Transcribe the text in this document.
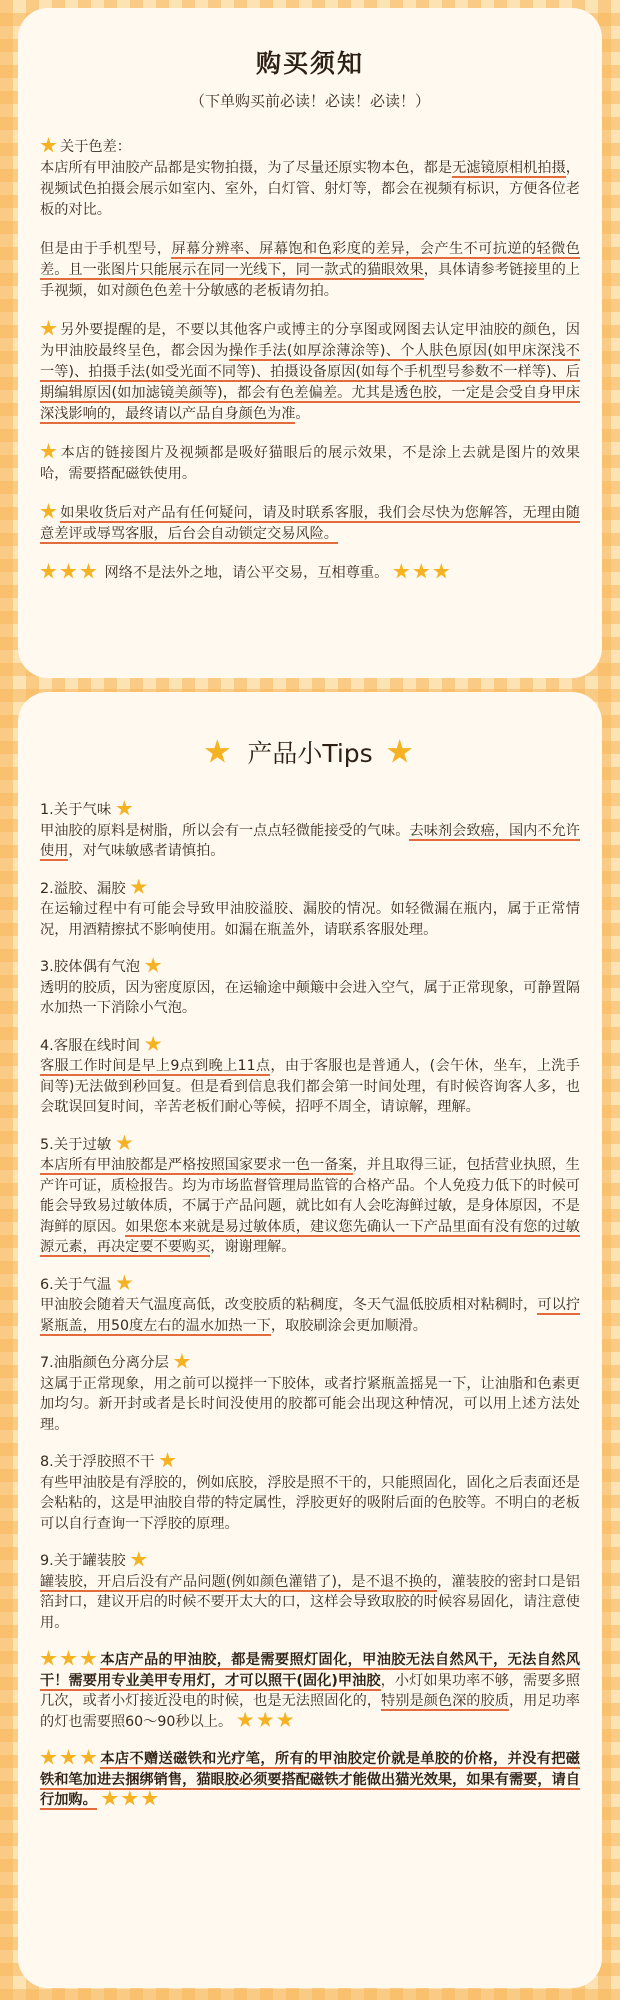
购买须知
（下单购买前必读！必读！必读！）

关于色差：
本店所有甲油胶产品都是实物拍摄，为了尽量还原实物本色，都是无滤镜原相机拍摄，视频试色拍摄会展示如室内、室外，白灯管、射灯等，都会在视频有标识，方便各位老板的对比。

但是由于手机型号，屏幕分辨率、屏幕饱和色彩度的差异，会产生不可抗逆的轻微色差。且一张图片只能展示在同一光线下，同一款式的猫眼效果，具体请参考链接里的上手视频，如对颜色色差十分敏感的老板请勿拍。

另外要提醒的是，不要以其他客户或博主的分享图或网图去认定甲油胶的颜色，因为甲油胶最终呈色，都会因为操作手法(如厚涂薄涂等)、个人肤色原因(如甲床深浅不一等)、拍摄手法(如受光面不同等)、拍摄设备原因(如每个手机型号参数不一样等)、后期编辑原因(如加滤镜美颜等)，都会有色差偏差。尤其是透色胶，一定是会受自身甲床深浅影响的，最终请以产品自身颜色为准。

本店的链接图片及视频都是吸好猫眼后的展示效果，不是涂上去就是图片的效果哈，需要搭配磁铁使用。

如果收货后对产品有任何疑问，请及时联系客服，我们会尽快为您解答，无理由随意差评或辱骂客服，后台会自动锁定交易风险。

网络不是法外之地，请公平交易，互相尊重。

产品小Tips
1.关于气味

甲油胶的原料是树脂，所以会有一点点轻微能接受的气味。去味剂会致癌，国内不允许使用，对气味敏感者请慎拍。

2.溢胶、漏胶

在运输过程中有可能会导致甲油胶溢胶、漏胶的情况。如轻微漏在瓶内，属于正常情况，用酒精擦拭不影响使用。如漏在瓶盖外，请联系客服处理。

3.胶体偶有气泡

透明的胶质，因为密度原因，在运输途中颠簸中会进入空气，属于正常现象，可静置隔水加热一下消除小气泡。

4.客服在线时间

客服工作时间是早上9点到晚上11点，由于客服也是普通人，(会午休，坐车，上洗手间等)无法做到秒回复。但是看到信息我们都会第一时间处理，有时候咨询客人多，也会耽误回复时间，辛苦老板们耐心等候，招呼不周全，请谅解，理解。

5.关于过敏

本店所有甲油胶都是严格按照国家要求一色一备案，并且取得三证，包括营业执照，生产许可证，质检报告。均为市场监督管理局监管的合格产品。个人免疫力低下的时候可能会导致易过敏体质，不属于产品问题，就比如有人会吃海鲜过敏，是身体原因，不是海鲜的原因。如果您本来就是易过敏体质，建议您先确认一下产品里面有没有您的过敏源元素，再决定要不要购买，谢谢理解。

6.关于气温

甲油胶会随着天气温度高低，改变胶质的粘稠度，冬天气温低胶质相对粘稠时，可以拧紧瓶盖，用50度左右的温水加热一下，取胶刷涂会更加顺滑。

7.油脂颜色分离分层

这属于正常现象，用之前可以搅拌一下胶体，或者拧紧瓶盖摇晃一下，让油脂和色素更加均匀。新开封或者是长时间没使用的胶都可能会出现这种情况，可以用上述方法处理。

8.关于浮胶照不干

有些甲油胶是有浮胶的，例如底胶，浮胶是照不干的，只能照固化，固化之后表面还是会粘粘的，这是甲油胶自带的特定属性，浮胶更好的吸附后面的色胶等。不明白的老板可以自行查询一下浮胶的原理。

9.关于罐装胶

罐装胶，开启后没有产品问题(例如颜色灌错了)，是不退不换的，灌装胶的密封口是铝箔封口，建议开启的时候不要开太大的口，这样会导致取胶的时候容易固化，请注意使用。

本店产品的甲油胶，都是需要照灯固化，甲油胶无法自然风干，无法自然风干！需要用专业美甲专用灯，才可以照干(固化)甲油胶，小灯如果功率不够，需要多照几次，或者小灯接近没电的时候，也是无法照固化的，特别是颜色深的胶质，用足功率的灯也需要照60～90秒以上。

本店不赠送磁铁和光疗笔，所有的甲油胶定价就是单胶的价格，并没有把磁铁和笔加进去捆绑销售，猫眼胶必须要搭配磁铁才能做出猫光效果，如果有需要，请自行加购。
